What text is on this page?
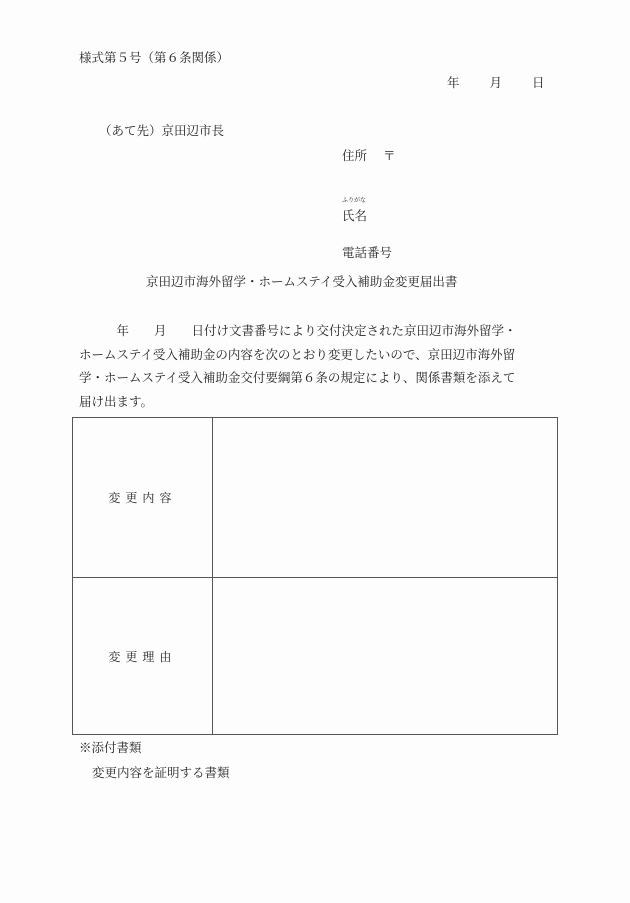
様式第５号（第６条関係）
年 月 日
（あて先）京田辺市長
住所 〒
ふりがな
氏名
電話番号
京田辺市海外留学・ホームステイ受入補助金変更届出書
　　　年　　月　　日付け文書番号により交付決定された京田辺市海外留学・
ホームステイ受入補助金の内容を次のとおり変更したいので、京田辺市海外留
学・ホームステイ受入補助金交付要綱第６条の規定により、関係書類を添えて
届け出ます。
変更内容	
変更理由	
※添付書類
変更内容を証明する書類
